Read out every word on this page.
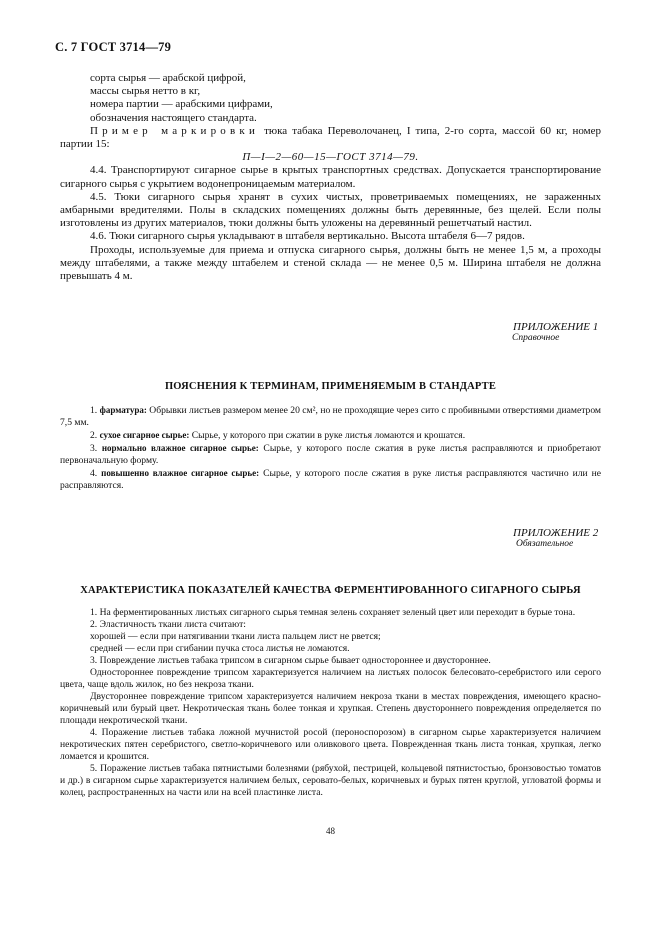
С. 7 ГОСТ 3714—79

сорта сырья — арабской цифрой,

массы сырья нетто в кг,

номера партии — арабскими цифрами,

обозначения настоящего стандарта.

Пример маркировки тюка табака Переволочанец, I типа, 2-го сорта, массой 60 кг, номер партии 15:

П—I—2—60—15—ГОСТ 3714—79.

4.4. Транспортируют сигарное сырье в крытых транспортных средствах. Допускается транспортирование сигарного сырья с укрытием водонепроницаемым материалом.

4.5. Тюки сигарного сырья хранят в сухих чистых, проветриваемых помещениях, не зараженных амбарными вредителями. Полы в складских помещениях должны быть деревянные, без щелей. Если полы изготовлены из других материалов, тюки должны быть уложены на деревянный решетчатый настил.

4.6. Тюки сигарного сырья укладывают в штабеля вертикально. Высота штабеля 6—7 рядов.

Проходы, используемые для приема и отпуска сигарного сырья, должны быть не менее 1,5 м, а проходы между штабелями, а также между штабелем и стеной склада — не менее 0,5 м. Ширина штабеля не должна превышать 4 м.

ПРИЛОЖЕНИЕ 1
Справочное
ПОЯСНЕНИЯ К ТЕРМИНАМ, ПРИМЕНЯЕМЫМ В СТАНДАРТЕ

1. фарматура: Обрывки листьев размером менее 20 см², но не проходящие через сито с пробивными отверстиями диаметром 7,5 мм.

2. сухое сигарное сырье: Сырье, у которого при сжатии в руке листья ломаются и крошатся.

3. нормально влажное сигарное сырье: Сырье, у которого после сжатия в руке листья расправляются и приобретают первоначальную форму.

4. повышенно влажное сигарное сырье: Сырье, у которого после сжатия в руке листья расправляются частично или не расправляются.

ПРИЛОЖЕНИЕ 2
Обязательное
ХАРАКТЕРИСТИКА ПОКАЗАТЕЛЕЙ КАЧЕСТВА ФЕРМЕНТИРОВАННОГО СИГАРНОГО СЫРЬЯ

1. На ферментированных листьях сигарного сырья темная зелень сохраняет зеленый цвет или переходит в бурые тона.

2. Эластичность ткани листа считают:

хорошей — если при натягивании ткани листа пальцем лист не рвется;

средней — если при сгибании пучка стоса листья не ломаются.

3. Повреждение листьев табака трипсом в сигарном сырье бывает одностороннее и двустороннее.

Одностороннее повреждение трипсом характеризуется наличием на листьях полосок белесовато-серебристого или серого цвета, чаще вдоль жилок, но без некроза ткани.

Двустороннее повреждение трипсом характеризуется наличием некроза ткани в местах повреждения, имеющего красно-коричневый или бурый цвет. Некротическая ткань более тонкая и хрупкая. Степень двустороннего повреждения определяется по площади некротической ткани.

4. Поражение листьев табака ложной мучнистой росой (пероноспорозом) в сигарном сырье характеризуется наличием некротических пятен серебристого, светло-коричневого или оливкового цвета. Поврежденная ткань листа тонкая, хрупкая, легко ломается и крошится.

5. Поражение листьев табака пятнистыми болезнями (рябухой, пестрицей, кольцевой пятнистостью, бронзовостью томатов и др.) в сигарном сырье характеризуется наличием белых, серовато-белых, коричневых и бурых пятен круглой, угловатой формы и колец, распространенных на части или на всей пластинке листа.

48
